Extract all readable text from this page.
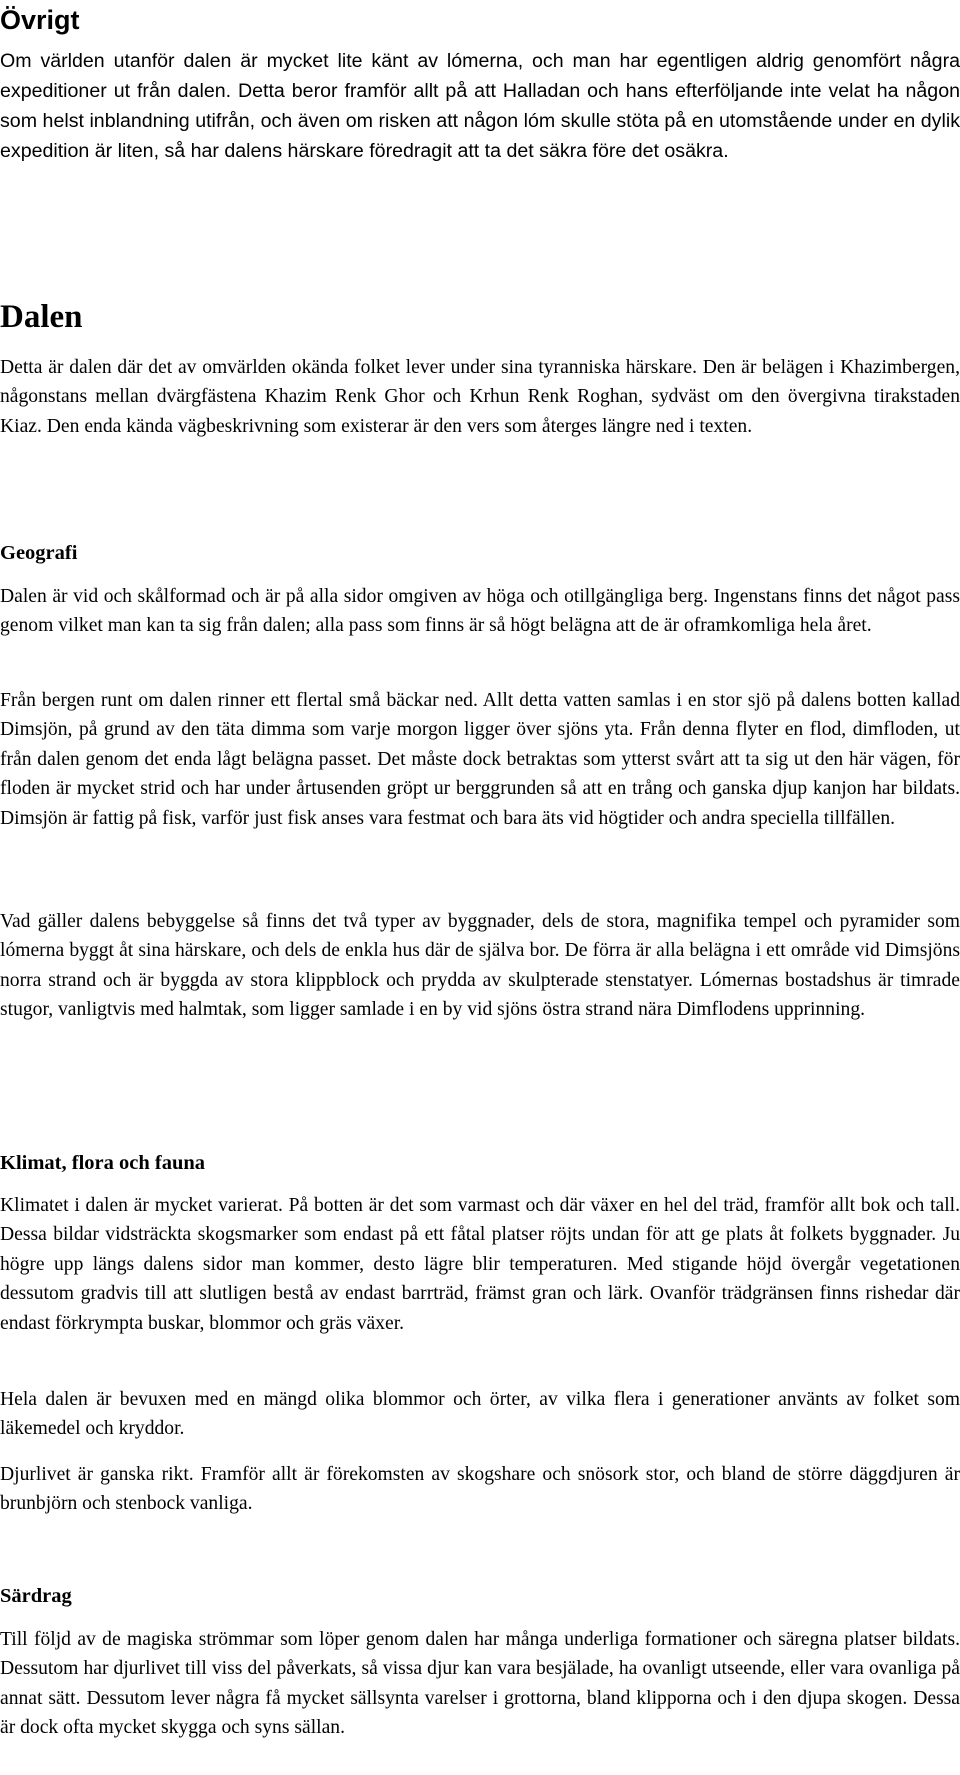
Övrigt

Om världen utanför dalen är mycket lite känt av lómerna, och man har egentligen aldrig genomfört några expeditioner ut från dalen. Detta beror framför allt på att Halladan och hans efterföljande inte velat ha någon som helst inblandning utifrån, och även om risken att någon lóm skulle stöta på en utomstående under en dylik expedition är liten, så har dalens härskare föredragit att ta det säkra före det osäkra.

Dalen

Detta är dalen där det av omvärlden okända folket lever under sina tyranniska härskare. Den är belägen i Khazimbergen, någonstans mellan dvärgfästena Khazim Renk Ghor och Krhun Renk Roghan, sydväst om den övergivna tirakstaden Kiaz. Den enda kända vägbeskrivning som existerar är den vers som återges längre ned i texten.

Geografi

Dalen är vid och skålformad och är på alla sidor omgiven av höga och otillgängliga berg. Ingenstans finns det något pass genom vilket man kan ta sig från dalen; alla pass som finns är så högt belägna att de är oframkomliga hela året.

Från bergen runt om dalen rinner ett flertal små bäckar ned. Allt detta vatten samlas i en stor sjö på dalens botten kallad Dimsjön, på grund av den täta dimma som varje morgon ligger över sjöns yta. Från denna flyter en flod, dimfloden, ut från dalen genom det enda lågt belägna passet. Det måste dock betraktas som ytterst svårt att ta sig ut den här vägen, för floden är mycket strid och har under årtusenden gröpt ur berggrunden så att en trång och ganska djup kanjon har bildats. Dimsjön är fattig på fisk, varför just fisk anses vara festmat och bara äts vid högtider och andra speciella tillfällen.

Vad gäller dalens bebyggelse så finns det två typer av byggnader, dels de stora, magnifika tempel och pyramider som lómerna byggt åt sina härskare, och dels de enkla hus där de själva bor. De förra är alla belägna i ett område vid Dimsjöns norra strand och är byggda av stora klippblock och prydda av skulpterade stenstatyer. Lómernas bostadshus är timrade stugor, vanligtvis med halmtak, som ligger samlade i en by vid sjöns östra strand nära Dimflodens upprinning.

Klimat, flora och fauna

Klimatet i dalen är mycket varierat. På botten är det som varmast och där växer en hel del träd, framför allt bok och tall. Dessa bildar vidsträckta skogsmarker som endast på ett fåtal platser röjts undan för att ge plats åt folkets byggnader. Ju högre upp längs dalens sidor man kommer, desto lägre blir temperaturen. Med stigande höjd övergår vegetationen dessutom gradvis till att slutligen bestå av endast barrträd, främst gran och lärk. Ovanför trädgränsen finns rishedar där endast förkrympta buskar, blommor och gräs växer.

Hela dalen är bevuxen med en mängd olika blommor och örter, av vilka flera i generationer använts av folket som läkemedel och kryddor.

Djurlivet är ganska rikt. Framför allt är förekomsten av skogshare och snösork stor, och bland de större däggdjuren är brunbjörn och stenbock vanliga.

Särdrag

Till följd av de magiska strömmar som löper genom dalen har många underliga formationer och säregna platser bildats. Dessutom har djurlivet till viss del påverkats, så vissa djur kan vara besjälade, ha ovanligt utseende, eller vara ovanliga på annat sätt. Dessutom lever några få mycket sällsynta varelser i grottorna, bland klipporna och i den djupa skogen. Dessa är dock ofta mycket skygga och syns sällan.
